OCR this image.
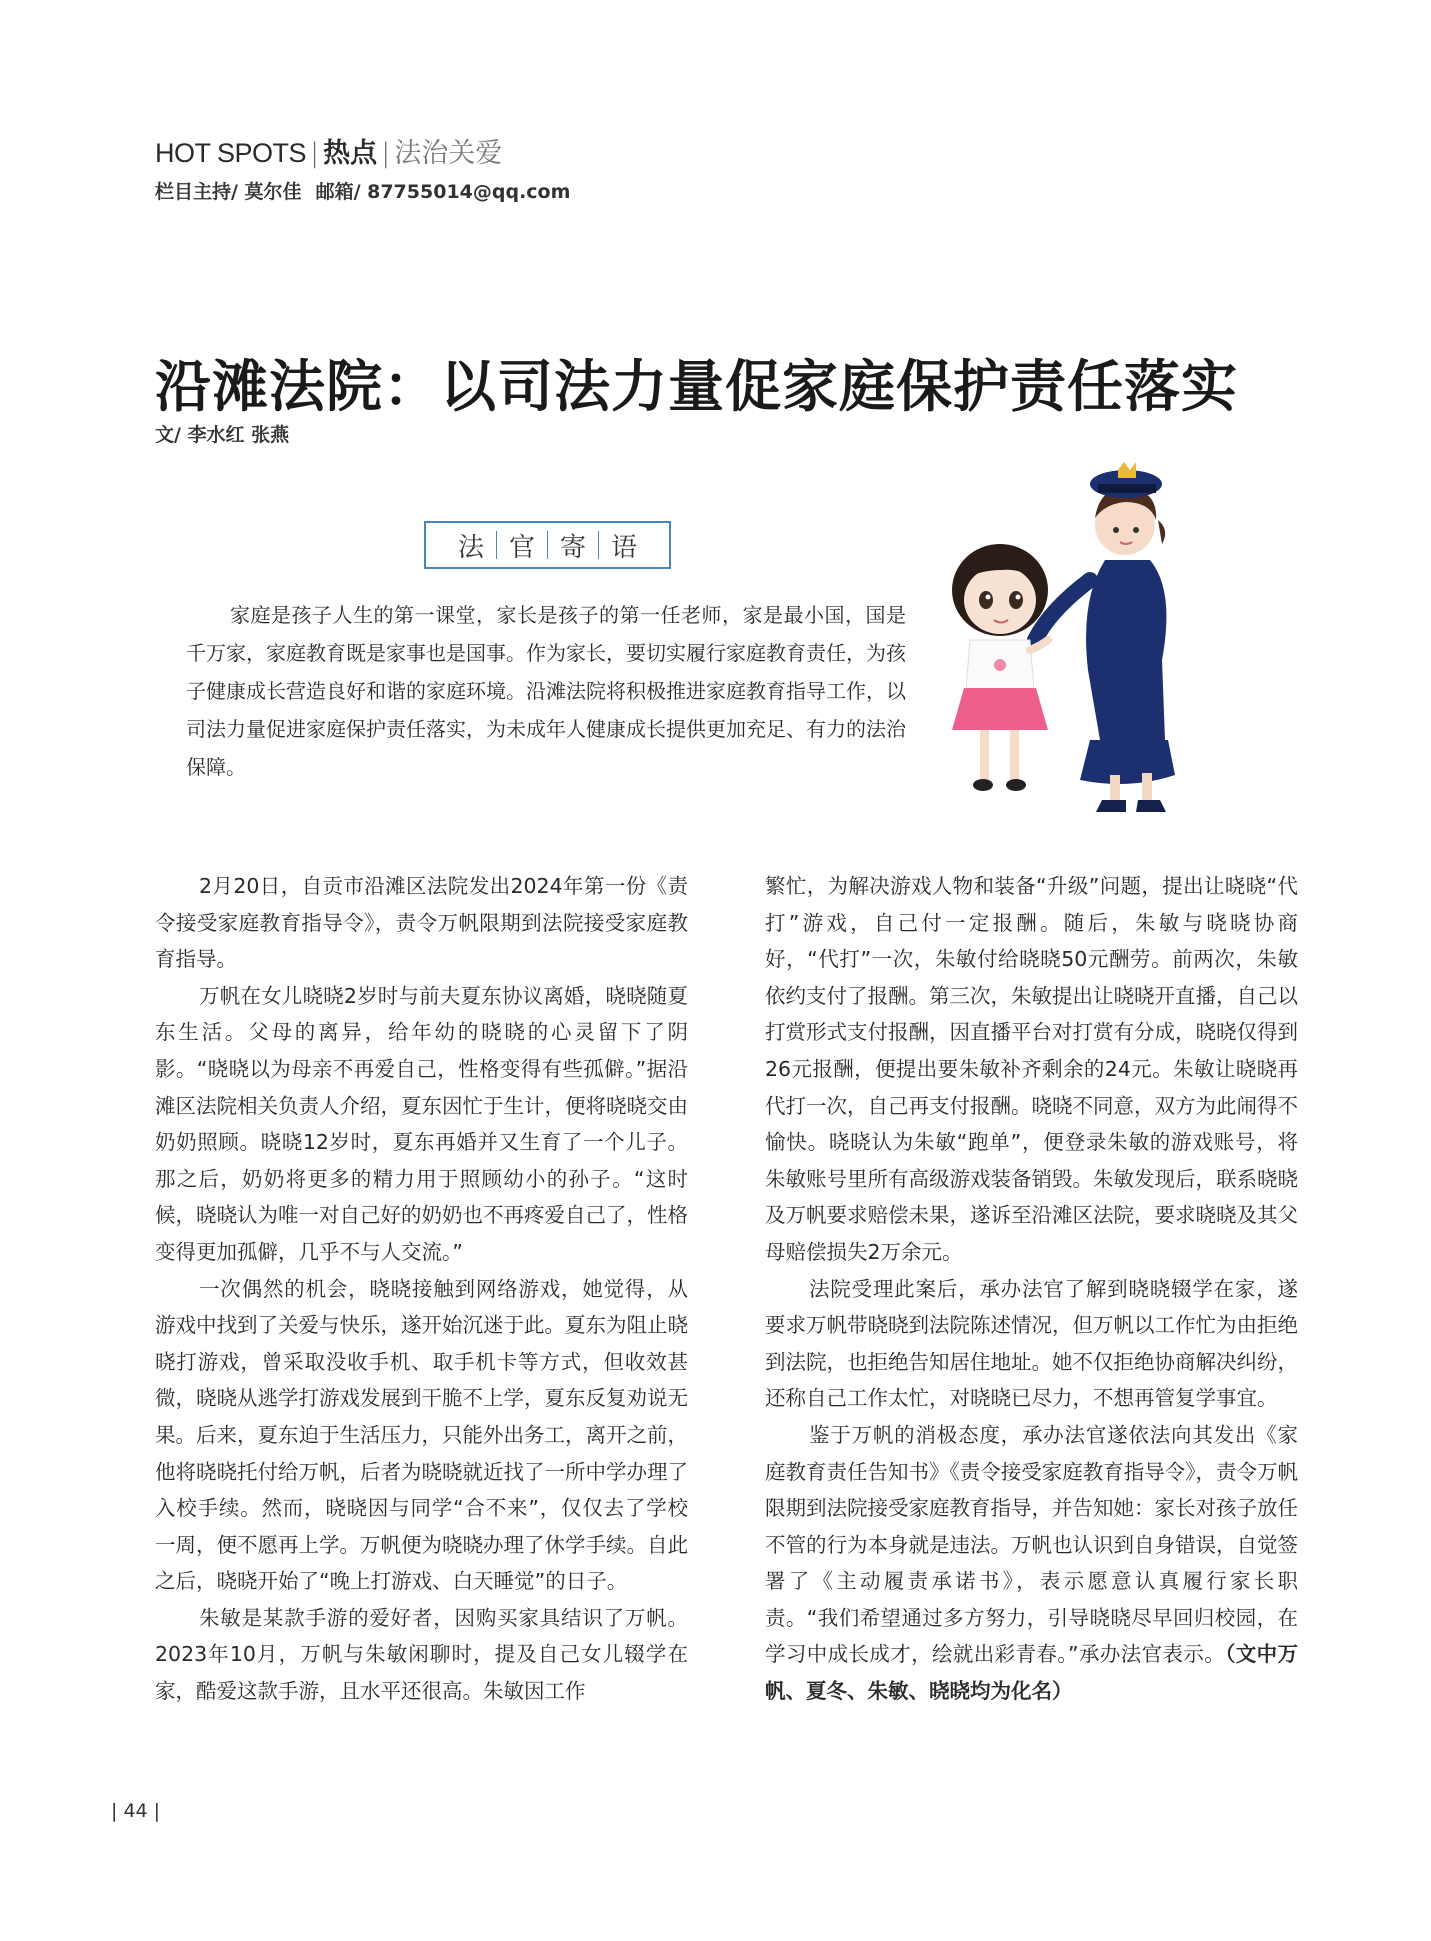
HOT SPOTS | 热点 | 法治关爱
栏目主持/ 莫尔佳 邮箱/ 87755014@qq.com
沿滩法院：以司法力量促家庭保护责任落实
文/ 李水红 张燕
法 官 寄 语

家庭是孩子人生的第一课堂，家长是孩子的第一任老师，家是最小国，国是千万家，家庭教育既是家事也是国事。作为家长，要切实履行家庭教育责任，为孩子健康成长营造良好和谐的家庭环境。沿滩法院将积极推进家庭教育指导工作，以司法力量促进家庭保护责任落实，为未成年人健康成长提供更加充足、有力的法治保障。

2月20日，自贡市沿滩区法院发出2024年第一份《责令接受家庭教育指导令》，责令万帆限期到法院接受家庭教育指导。

万帆在女儿晓晓2岁时与前夫夏东协议离婚，晓晓随夏东生活。父母的离异，给年幼的晓晓的心灵留下了阴影。“晓晓以为母亲不再爱自己，性格变得有些孤僻。”据沿滩区法院相关负责人介绍，夏东因忙于生计，便将晓晓交由奶奶照顾。晓晓12岁时，夏东再婚并又生育了一个儿子。那之后，奶奶将更多的精力用于照顾幼小的孙子。“这时候，晓晓认为唯一对自己好的奶奶也不再疼爱自己了，性格变得更加孤僻，几乎不与人交流。”

一次偶然的机会，晓晓接触到网络游戏，她觉得，从游戏中找到了关爱与快乐，遂开始沉迷于此。夏东为阻止晓晓打游戏，曾采取没收手机、取手机卡等方式，但收效甚微，晓晓从逃学打游戏发展到干脆不上学，夏东反复劝说无果。后来，夏东迫于生活压力，只能外出务工，离开之前，他将晓晓托付给万帆，后者为晓晓就近找了一所中学办理了入校手续。然而，晓晓因与同学“合不来”，仅仅去了学校一周，便不愿再上学。万帆便为晓晓办理了休学手续。自此之后，晓晓开始了“晚上打游戏、白天睡觉”的日子。

朱敏是某款手游的爱好者，因购买家具结识了万帆。2023年10月，万帆与朱敏闲聊时，提及自己女儿辍学在家，酷爱这款手游，且水平还很高。朱敏因工作

繁忙，为解决游戏人物和装备“升级”问题，提出让晓晓“代打”游戏，自己付一定报酬。随后，朱敏与晓晓协商好，“代打”一次，朱敏付给晓晓50元酬劳。前两次，朱敏依约支付了报酬。第三次，朱敏提出让晓晓开直播，自己以打赏形式支付报酬，因直播平台对打赏有分成，晓晓仅得到26元报酬，便提出要朱敏补齐剩余的24元。朱敏让晓晓再代打一次，自己再支付报酬。晓晓不同意，双方为此闹得不愉快。晓晓认为朱敏“跑单”，便登录朱敏的游戏账号，将朱敏账号里所有高级游戏装备销毁。朱敏发现后，联系晓晓及万帆要求赔偿未果，遂诉至沿滩区法院，要求晓晓及其父母赔偿损失2万余元。

法院受理此案后，承办法官了解到晓晓辍学在家，遂要求万帆带晓晓到法院陈述情况，但万帆以工作忙为由拒绝到法院，也拒绝告知居住地址。她不仅拒绝协商解决纠纷，还称自己工作太忙，对晓晓已尽力，不想再管复学事宜。

鉴于万帆的消极态度，承办法官遂依法向其发出《家庭教育责任告知书》《责令接受家庭教育指导令》，责令万帆限期到法院接受家庭教育指导，并告知她：家长对孩子放任不管的行为本身就是违法。万帆也认识到自身错误，自觉签署了《主动履责承诺书》，表示愿意认真履行家长职责。“我们希望通过多方努力，引导晓晓尽早回归校园，在学习中成长成才，绘就出彩青春。”承办法官表示。（文中万帆、夏冬、朱敏、晓晓均为化名）

| 44 |
